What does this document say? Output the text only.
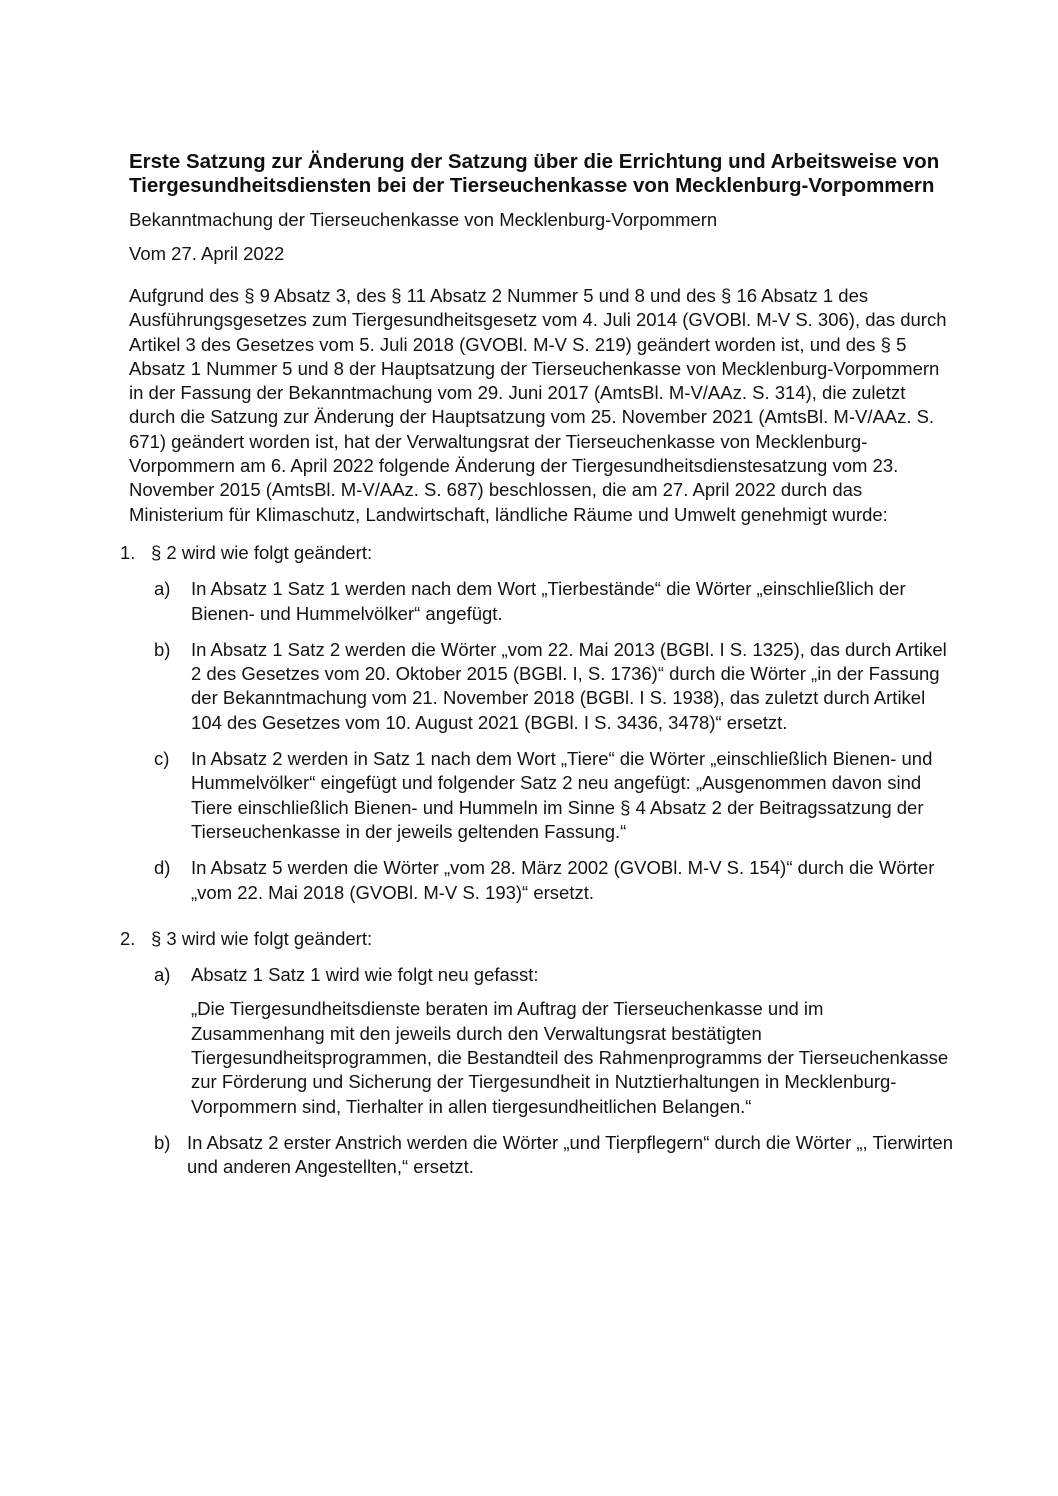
Erste Satzung zur Änderung der Satzung über die Errichtung und Arbeitsweise von Tiergesundheitsdiensten bei der Tierseuchenkasse von Mecklenburg-Vorpommern
Bekanntmachung der Tierseuchenkasse von Mecklenburg-Vorpommern
Vom 27. April 2022
Aufgrund des § 9 Absatz 3, des § 11 Absatz 2 Nummer 5 und 8 und des § 16 Absatz 1 des Ausführungsgesetzes zum Tiergesundheitsgesetz vom 4. Juli 2014 (GVOBl. M-V S. 306), das durch Artikel 3 des Gesetzes vom 5. Juli 2018 (GVOBl. M-V S. 219) geändert worden ist, und des § 5 Absatz 1 Nummer 5 und 8 der Hauptsatzung der Tierseuchenkasse von Mecklenburg-Vorpommern in der Fassung der Bekanntmachung vom 29. Juni 2017 (AmtsBl. M-V/AAz. S. 314), die zuletzt durch die Satzung zur Änderung der Hauptsatzung vom 25. November 2021 (AmtsBl. M-V/AAz. S. 671) geändert worden ist, hat der Verwaltungsrat der Tierseuchenkasse von Mecklenburg-Vorpommern am 6. April 2022 folgende Änderung der Tiergesundheitsdienstesatzung vom 23. November 2015 (AmtsBl. M-V/AAz. S. 687) beschlossen, die am 27. April 2022 durch das Ministerium für Klimaschutz, Landwirtschaft, ländliche Räume und Umwelt genehmigt wurde:
1. § 2 wird wie folgt geändert:
a)	In Absatz 1 Satz 1 werden nach dem Wort „Tierbestände“ die Wörter „einschließlich der Bienen- und Hummelvölker“ angefügt.

b)	In Absatz 1 Satz 2 werden die Wörter „vom 22. Mai 2013 (BGBl. I S. 1325), das durch Artikel 2 des Gesetzes vom 20. Oktober 2015 (BGBl. I, S. 1736)“ durch die Wörter „in der Fassung der Bekanntmachung vom 21. November 2018 (BGBl. I S. 1938), das zuletzt durch Artikel 104 des Gesetzes vom 10. August 2021 (BGBl. I S. 3436, 3478)“ ersetzt.

c)	In Absatz 2 werden in Satz 1 nach dem Wort „Tiere“ die Wörter „einschließlich Bienen- und Hummelvölker“ eingefügt und folgender Satz 2 neu angefügt: „Ausgenommen davon sind Tiere einschließlich Bienen- und Hummeln im Sinne § 4 Absatz 2 der Beitragssatzung der Tierseuchenkasse in der jeweils geltenden Fassung.“

d)	In Absatz 5 werden die Wörter „vom 28. März 2002 (GVOBl. M-V S. 154)“ durch die Wörter „vom 22. Mai 2018 (GVOBl. M-V S. 193)“ ersetzt.

2. § 3 wird wie folgt geändert:
a)	Absatz 1 Satz 1 wird wie folgt neu gefasst:

„Die Tiergesundheitsdienste beraten im Auftrag der Tierseuchenkasse und im Zusammenhang mit den jeweils durch den Verwaltungsrat bestätigten Tiergesundheitsprogrammen, die Bestandteil des Rahmenprogramms der Tierseuchenkasse zur Förderung und Sicherung der Tiergesundheit in Nutztierhaltungen in Mecklenburg-Vorpommern sind, Tierhalter in allen tiergesundheitlichen Belangen.“

b) In Absatz 2 erster Anstrich werden die Wörter „und Tierpflegern“ durch die Wörter „, Tierwirten und anderen Angestellten,“ ersetzt.
